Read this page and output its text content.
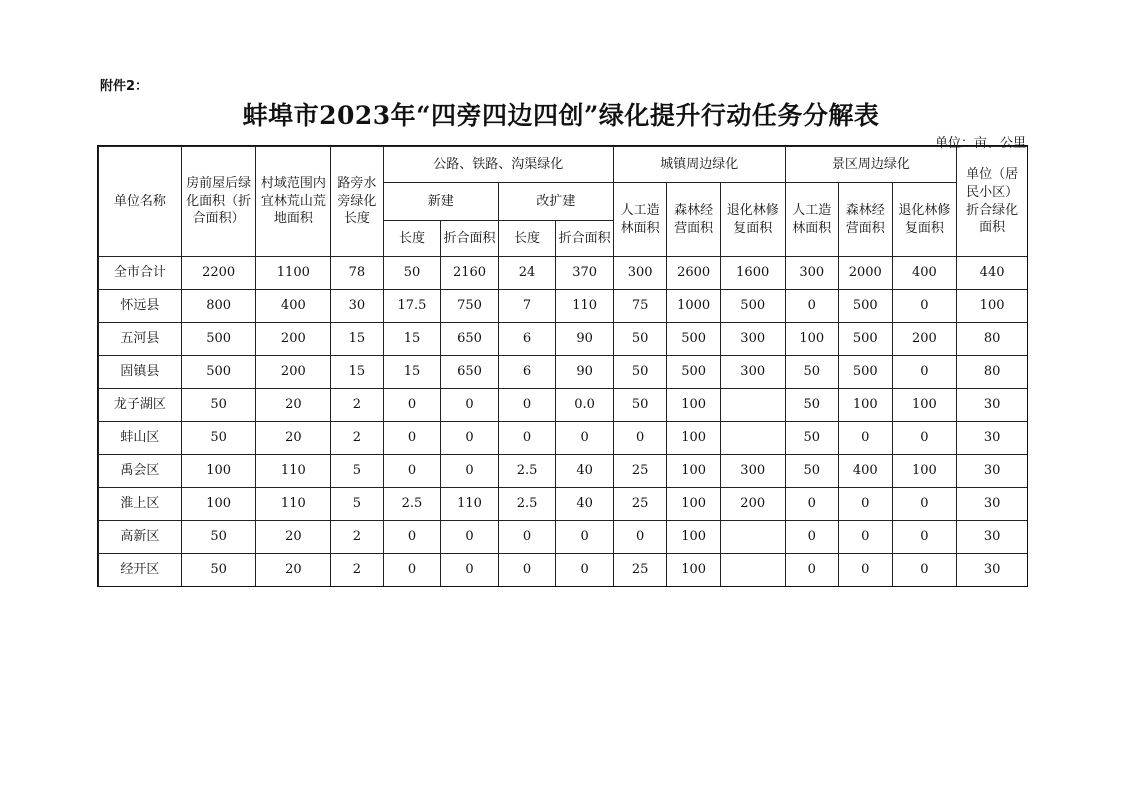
附件2：
蚌埠市2023年“四旁四边四创”绿化提升行动任务分解表
单位：亩、公里
单位名称	房前屋后绿化面积（折合面积）	村域范围内宜林荒山荒地面积	路旁水旁绿化长度	公路、铁路、沟渠绿化				城镇周边绿化			景区周边绿化			单位（居民小区）折合绿化面积
				新建		改扩建		人工造林面积	森林经营面积	退化林修复面积	人工造林面积	森林经营面积	退化林修复面积	
				长度	折合面积	长度	折合面积							
全市合计	2200	1100	78	50	2160	24	370	300	2600	1600	300	2000	400	440
怀远县	800	400	30	17.5	750	7	110	75	1000	500	0	500	0	100
五河县	500	200	15	15	650	6	90	50	500	300	100	500	200	80
固镇县	500	200	15	15	650	6	90	50	500	300	50	500	0	80
龙子湖区	50	20	2	0	0	0	0.0	50	100		50	100	100	30
蚌山区	50	20	2	0	0	0	0	0	100		50	0	0	30
禹会区	100	110	5	0	0	2.5	40	25	100	300	50	400	100	30
淮上区	100	110	5	2.5	110	2.5	40	25	100	200	0	0	0	30
高新区	50	20	2	0	0	0	0	0	100		0	0	0	30
经开区	50	20	2	0	0	0	0	25	100		0	0	0	30
